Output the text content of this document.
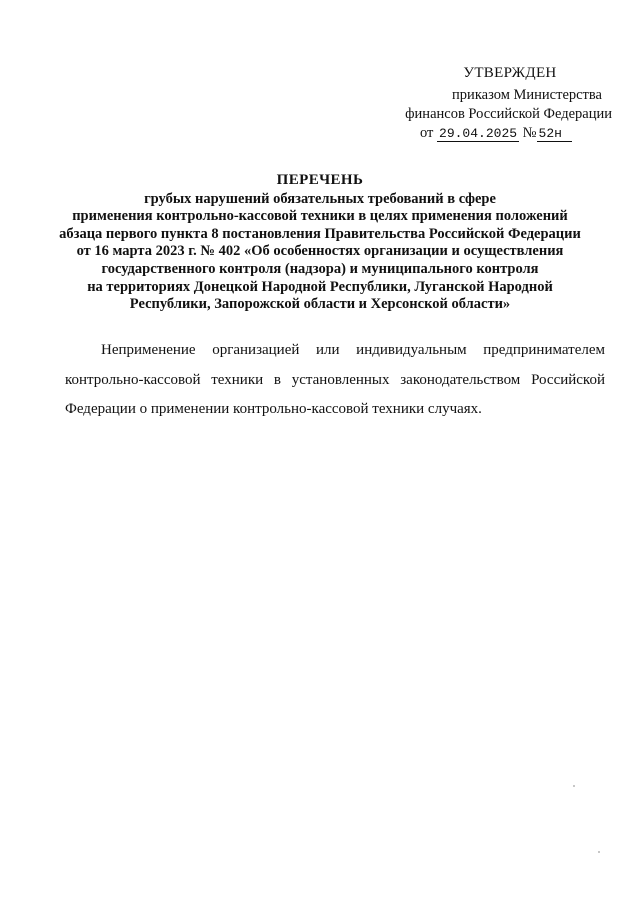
УТВЕРЖДЕН
приказом Министерства
финансов Российской Федерации
от 29.04.2025 № 52н
ПЕРЕЧЕНЬ
грубых нарушений обязательных требований в сфере
применения контрольно-кассовой техники в целях применения положений
абзаца первого пункта 8 постановления Правительства Российской Федерации
от 16 марта 2023 г. № 402 «Об особенностях организации и осуществления
государственного контроля (надзора) и муниципального контроля
на территориях Донецкой Народной Республики, Луганской Народной
Республики, Запорожской области и Херсонской области»

Неприменение организацией или индивидуальным предпринимателем контрольно-кассовой техники в установленных законодательством Российской Федерации о применении контрольно-кассовой техники случаях.
